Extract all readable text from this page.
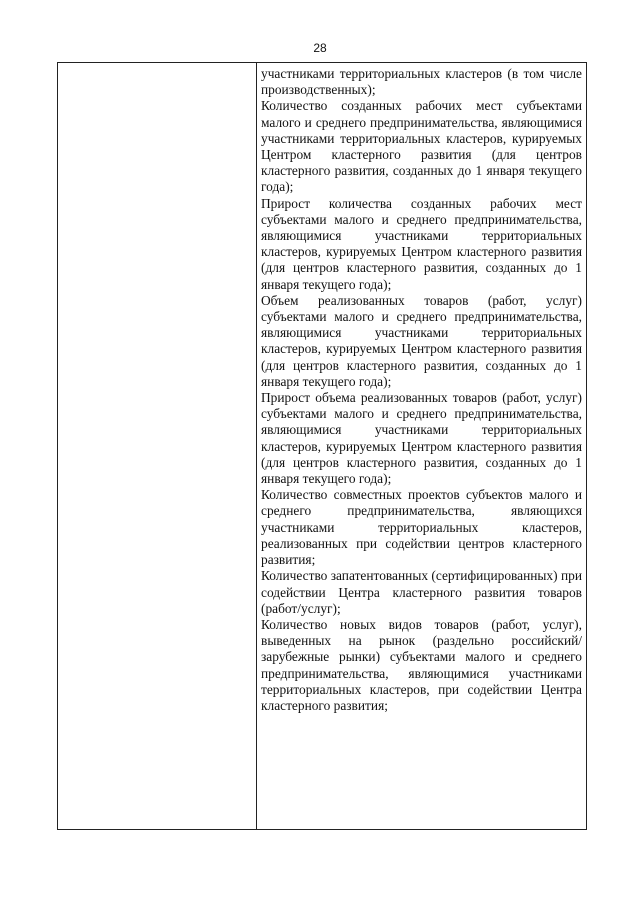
28

участниками территориальных кластеров (в том числе производственных);

Количество созданных рабочих мест субъектами малого и среднего предпринимательства, являющимися участниками территориальных кластеров, курируемых Центром кластерного развития (для центров кластерного развития, созданных до 1 января текущего года);

Прирост количества созданных рабочих мест субъектами малого и среднего предпринимательства, являющимися участниками территориальных кластеров, курируемых Центром кластерного развития (для центров кластерного развития, созданных до 1 января текущего года);

Объем реализованных товаров (работ, услуг) субъектами малого и среднего предпринимательства, являющимися участниками территориальных кластеров, курируемых Центром кластерного развития (для центров кластерного развития, созданных до 1 января текущего года);

Прирост объема реализованных товаров (работ, услуг) субъектами малого и среднего предпринимательства, являющимися участниками территориальных кластеров, курируемых Центром кластерного развития (для центров кластерного развития, созданных до 1 января текущего года);

Количество совместных проектов субъектов малого и среднего предпринимательства, являющихся участниками территориальных кластеров, реализованных при содействии центров кластерного развития;

Количество запатентованных (сертифицированных) при содействии Центра кластерного развития товаров (работ/услуг);

Количество новых видов товаров (работ, услуг), выведенных на рынок (раздельно российский/зарубежные рынки) субъектами малого и среднего предпринимательства, являющимися участниками территориальных кластеров, при содействии Центра кластерного развития;
